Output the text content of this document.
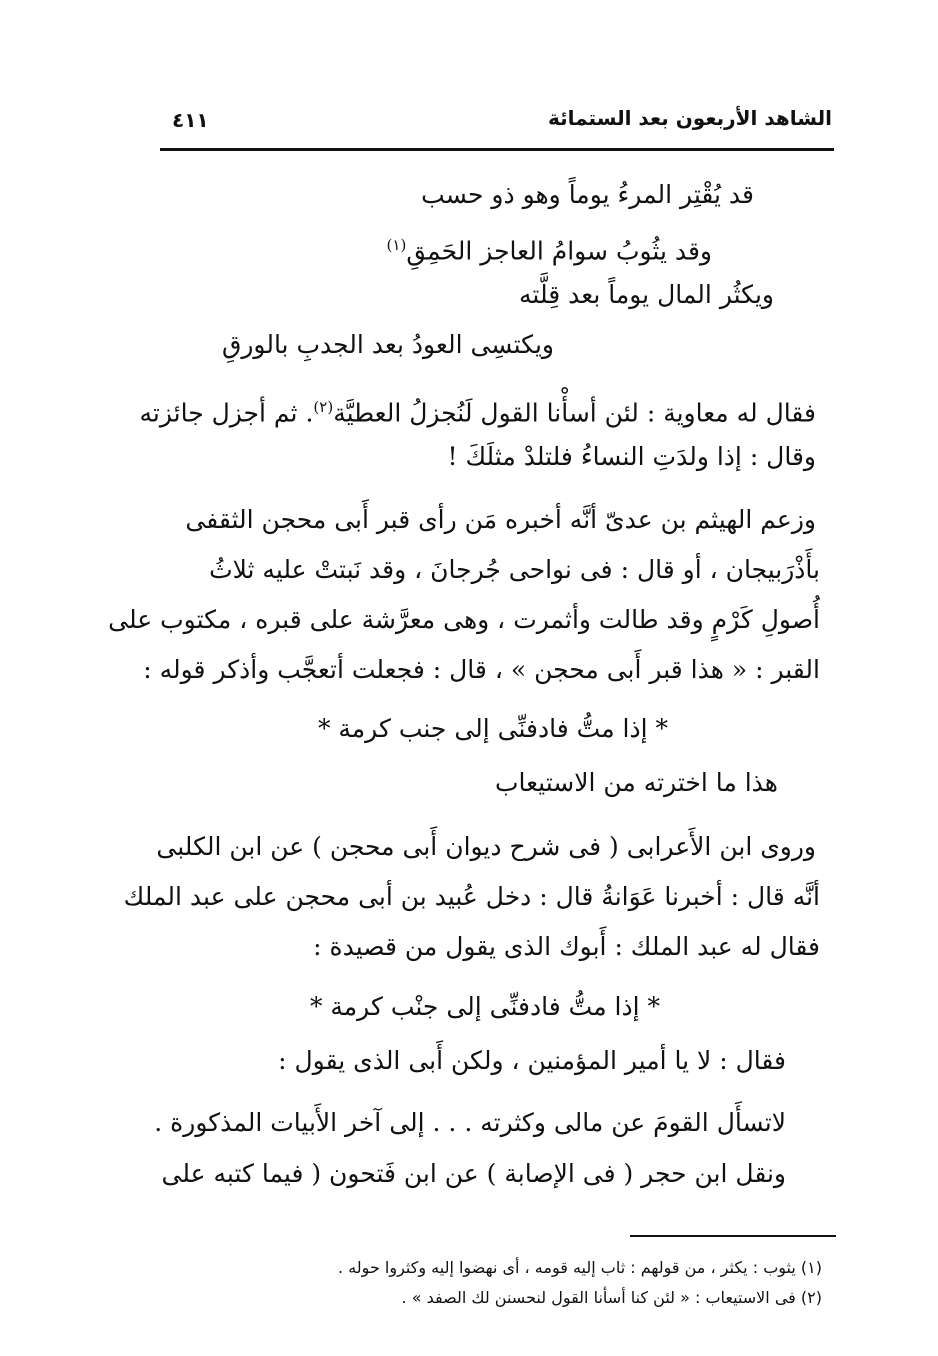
الشاهد الأربعون بعد الستمائة
٤١١
قد يُقْتِر المرءُ يوماً وهو ذو حسب
وقد يثُوبُ سوامُ العاجز الحَمِقِ$^{(١)}$
ويكثُر المال يوماً بعد قِلَّته
ويكتسِى العودُ بعد الجدبِ بالورقِ
فقال له معاوية : لئن أسأْنا القول لَنُجزلُ العطيَّة$^{(٢)}$. ثم أجزل جائزته
وقال : إذا ولدَتِ النساءُ فلتلدْ مثلَكَ !
وزعم الهيثم بن عدىّ أنَّه أخبره مَن رأى قبر أَبى محجن الثقفى
بأَذْرَبيجان ، أو قال : فى نواحى جُرجانَ ، وقد نَبتتْ عليه ثلاثُ
أُصولِ كَرْمٍ وقد طالت وأثمرت ، وهى معرَّشة على قبره ، مكتوب على
القبر : « هذا قبر أَبى محجن » ، قال : فجعلت أتعجَّب وأذكر قوله :
* إذا متُّ فادفنِّى إلى جنب كرمة *
هذا ما اخترته من الاستيعاب
وروى ابن الأَعرابى ( فى شرح ديوان أَبى محجن ) عن ابن الكلبى
أنَّه قال : أخبرنا عَوَانةُ قال : دخل عُبيد بن أبى محجن على عبد الملك
فقال له عبد الملك : أَبوك الذى يقول من قصيدة :
* إذا متُّ فادفنِّى إلى جنْب كرمة *
فقال : لا يا أمير المؤمنين ، ولكن أَبى الذى يقول :
لاتسأَل القومَ عن مالى وكثرته . . . إلى آخر الأَبيات المذكورة .
ونقل ابن حجر ( فى الإصابة ) عن ابن فَتحون ( فيما كتبه على
(١) يثوب : يكثر ، من قولهم : ثاب إليه قومه ، أى نهضوا إليه وكثروا حوله .
(٢) فى الاستيعاب : « لئن كنا أسأنا القول لنحسنن لك الصفد » .
